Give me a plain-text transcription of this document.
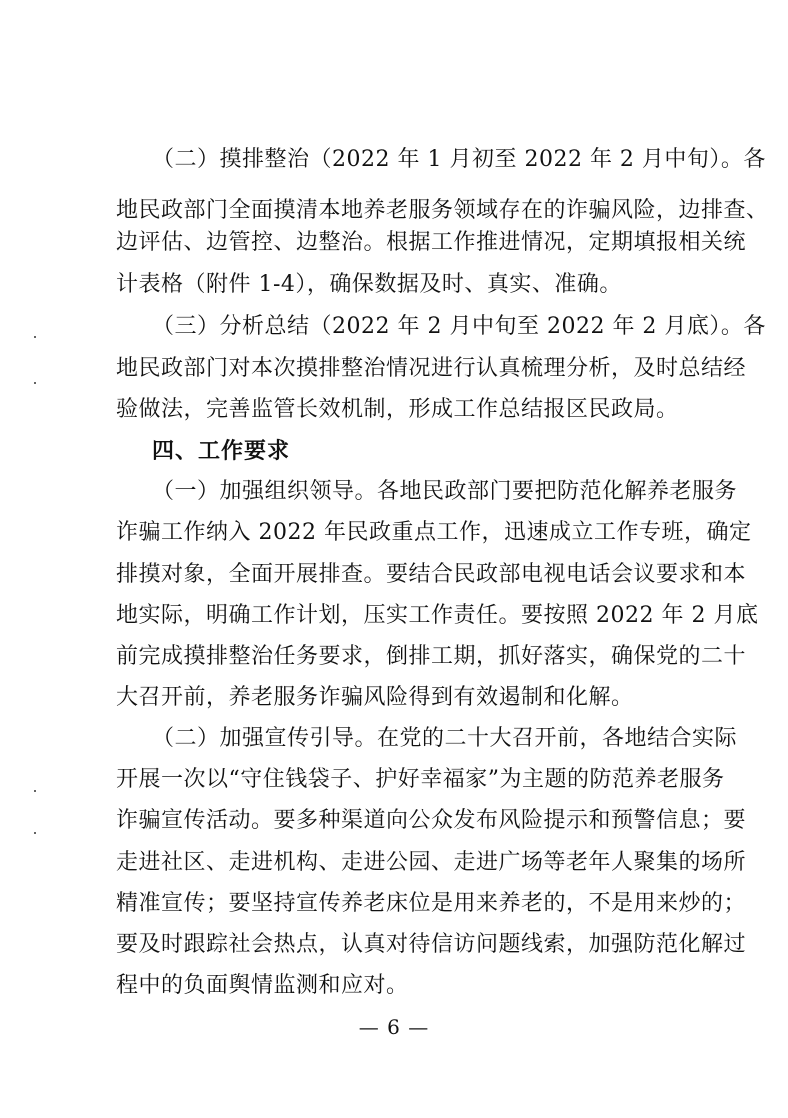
（二）摸排整治（2022 年 1 月初至 2022 年 2 月中旬）。各
地民政部门全面摸清本地养老服务领域存在的诈骗风险，边排查、
边评估、边管控、边整治。根据工作推进情况，定期填报相关统
计表格（附件 1-4），确保数据及时、真实、准确。
（三）分析总结（2022 年 2 月中旬至 2022 年 2 月底）。各
地民政部门对本次摸排整治情况进行认真梳理分析，及时总结经
验做法，完善监管长效机制，形成工作总结报区民政局。
四、工作要求
（一）加强组织领导。各地民政部门要把防范化解养老服务
诈骗工作纳入 2022 年民政重点工作，迅速成立工作专班，确定
排摸对象，全面开展排查。要结合民政部电视电话会议要求和本
地实际，明确工作计划，压实工作责任。要按照 2022 年 2 月底
前完成摸排整治任务要求，倒排工期，抓好落实，确保党的二十
大召开前，养老服务诈骗风险得到有效遏制和化解。
（二）加强宣传引导。在党的二十大召开前，各地结合实际
开展一次以“守住钱袋子、护好幸福家”为主题的防范养老服务
诈骗宣传活动。要多种渠道向公众发布风险提示和预警信息；要
走进社区、走进机构、走进公园、走进广场等老年人聚集的场所
精准宣传；要坚持宣传养老床位是用来养老的，不是用来炒的；
要及时跟踪社会热点，认真对待信访问题线索，加强防范化解过
程中的负面舆情监测和应对。
— 6 —
